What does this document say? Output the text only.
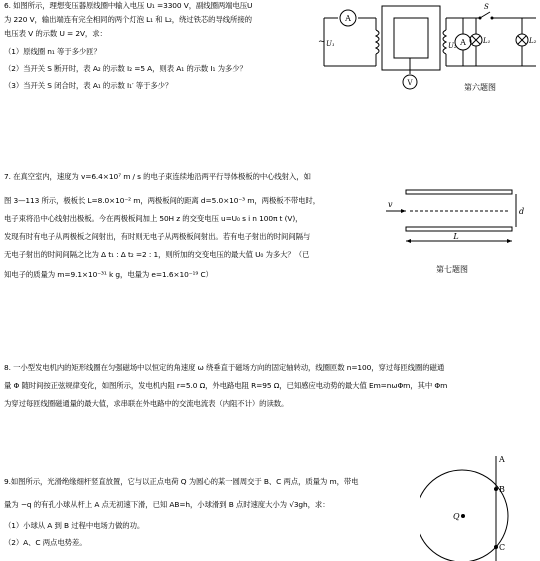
6. 如图所示，理想变压器原线圈中输入电压 U₁ =3300 V，副线圈两端电压U
为 220 V，输出端连有完全相同的两个灯泡 L₁ 和 L₂，绕过铁芯的导线所接的
电压表 V 的示数 U = 2V，求：
（1）原线圈 n₁ 等于多少匝？
（2）当开关 S 断开时，表 A₂ 的示数 I₂ =5 A，则表 A₁ 的示数 I₁ 为多少？
（3）当开关 S 闭合时，表 A₁ 的示数 I₁′ 等于多少？
A
A
V
~ U₁	U₂
S
L₁	L₂
第六题图
7. 在真空室内，速度为 v=6.4×10⁷ m / s 的电子束连续地沿两平行导体极板的中心线射入，如
图 3—113 所示，极板长 L=8.0×10⁻² m，两极板间的距离 d=5.0×10⁻³ m，两极板不带电时，
电子束将沿中心线射出极板。今在两极板间加上 50H z 的交变电压 u=U₀ s i n 100π t (V)，
发现有时有电子从两极板之间射出，有时则无电子从两极板间射出。若有电子射出的时间间隔与
无电子射出的时间间隔之比为 Δ t₁ : Δ t₂ =2 : 1，则所加的交变电压的最大值 U₀ 为多大？（已
知电子的质量为 m=9.1×10⁻³¹ k g，电量为 e=1.6×10⁻¹⁹ C）
v
d
L
第七题图
8. 一小型发电机内的矩形线圈在匀强磁场中以恒定的角速度 ω 绕垂直于磁场方向的固定轴转动，线圈匝数 n=100，穿过每匝线圈的磁通
量 Φ 随时间按正弦规律变化，如图所示，发电机内阻 r=5.0 Ω，外电路电阻 R=95 Ω，已知感应电动势的最大值 Em=nωΦm，其中 Φm
为穿过每匝线圈磁通量的最大值，求串联在外电路中的交流电流表（内阻不计）的读数。
9.如图所示，光滑绝缘细杆竖直放置，它与以正点电荷 Q 为圆心的某一圆周交于 B、C 两点，质量为 m，带电
量为 −q 的有孔小球从杆上 A 点无初速下滑，已知 AB=h，小球滑到 B 点时速度大小为 √3gh，求：
（1）小球从 A 到 B 过程中电场力做的功。
（2）A、C 两点电势差。
A
B
C
Q
